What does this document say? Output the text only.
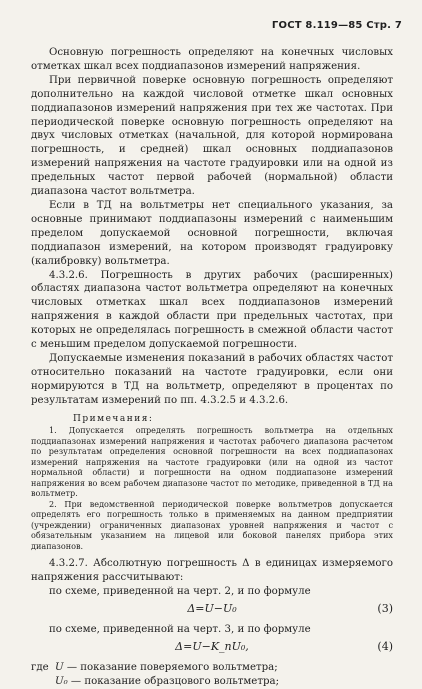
ГОСТ 8.119—85 Стр. 7

Основную погрешность определяют на конечных числовых отметках шкал всех поддиапазонов измерений напряжения.

При первичной поверке основную погрешность определяют дополнительно на каждой числовой отметке шкал основных поддиапазонов измерений напряжения при тех же частотах. При периодической поверке основную погрешность определяют на двух числовых отметках (начальной, для которой нормирована погрешность, и средней) шкал основных поддиапазонов измерений напряжения на частоте градуировки или на одной из предельных частот первой рабочей (нормальной) области диапазона частот вольтметра.

Если в ТД на вольтметры нет специального указания, за основные принимают поддиапазоны измерений с наименьшим пределом допускаемой основной погрешности, включая поддиапазон измерений, на котором производят градуировку (калибровку) вольтметра.

4.3.2.6. Погрешность в других рабочих (расширенных) областях диапазона частот вольтметра определяют на конечных числовых отметках шкал всех поддиапазонов измерений напряжения в каждой области при предельных частотах, при которых не определялась погрешность в смежной области частот с меньшим пределом допускаемой погрешности.

Допускаемые изменения показаний в рабочих областях частот относительно показаний на частоте градуировки, если они нормируются в ТД на вольтметр, определяют в процентах по результатам измерений по пп. 4.3.2.5 и 4.3.2.6.

Примечания:

1. Допускается определять погрешность вольтметра на отдельных поддиапазонах измерений напряжения и частотах рабочего диапазона расчетом по результатам определения основной погрешности на всех поддиапазонах измерений напряжения на частоте градуировки (или на одной из частот нормальной области) и погрешности на одном поддиапазоне измерений напряжения во всем рабочем диапазоне частот по методике, приведенной в ТД на вольтметр.

2. При ведомственной периодической поверке вольтметров допускается определять его погрешность только в применяемых на данном предприятии (учреждении) ограниченных диапазонах уровней напряжения и частот с обязательным указанием на лицевой или боковой панелях прибора этих диапазонов.

4.3.2.7. Абсолютную погрешность Δ в единицах измеряемого напряжения рассчитывают:

по схеме, приведенной на черт. 2, и по формуле

Δ=U−U₀	(3)

по схеме, приведенной на черт. 3, и по формуле

Δ=U−K_пU₀,	(4)
где U — показание поверяемого вольтметра;
U₀ — показание образцового вольтметра;
